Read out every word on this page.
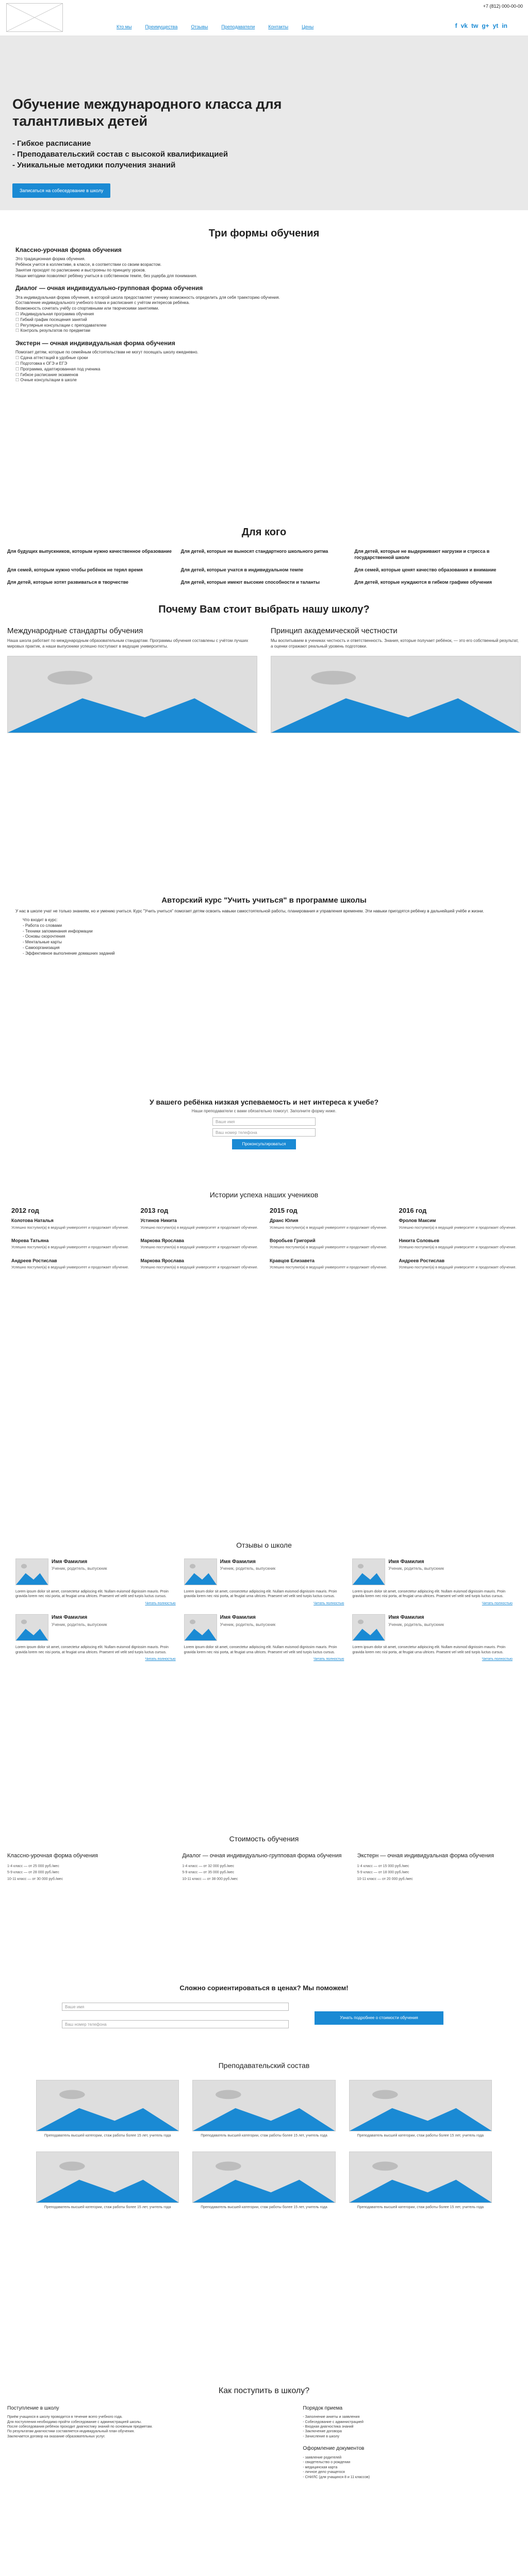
Кто мы	Преимущества	Отзывы	Преподаватели	Контакты	Цены
+7 (812) 000-00-00
f vk tw g+ yt in
Обучение международного класса для талантливых детей
- Гибкое расписание
- Преподавательский состав с высокой квалификацией
- Уникальные методики получения знаний
Записаться на собеседование в школу
Три формы обучения
Классно-урочная форма обучения

Это традиционная форма обучения.

Ребёнок учится в коллективе, в классе, в соответствии со своим возрастом.

Занятия проходят по расписанию и выстроены по принципу уроков.

Наши методики позволяют ребёнку учиться в собственном темпе, без ущерба для понимания.

Диалог — очная индивидуально-групповая форма обучения

Эта индивидуальная форма обучения, в которой школа предоставляет ученику возможность определить для себя траекторию обучения.

Составление индивидуального учебного плана и расписания с учётом интересов ребёнка.

Возможность сочетать учёбу со спортивными или творческими занятиями.

☐ Индивидуальная программа обучения
☐ Гибкий график посещения занятий
☐ Регулярные консультации с преподавателем
☐ Контроль результатов по предметам
Экстерн — очная индивидуальная форма обучения

Помогает детям, которые по семейным обстоятельствам не могут посещать школу ежедневно.

☐ Сдача аттестаций в удобные сроки
☐ Подготовка к ОГЭ и ЕГЭ
☐ Программа, адаптированная под ученика
☐ Гибкое расписание экзаменов
☐ Очные консультации в школе
Для кого
Для будущих выпускников, которым нужно качественное образование	Для детей, которые не выносят стандартного школьного ритма	Для детей, которые не выдерживают нагрузки и стресса в государственной школе
Для семей, которым нужно чтобы ребёнок не терял время	Для детей, которые учатся в индивидуальном темпе	Для семей, которые ценят качество образования и внимание
Для детей, которые хотят развиваться в творчестве	Для детей, которые имеют высокие способности и таланты	Для детей, которые нуждаются в гибком графике обучения
Почему Вам стоит выбрать нашу школу?
Международные стандарты обучения

Наша школа работает по международным образовательным стандартам. Программы обучения составлены с учётом лучших мировых практик, а наши выпускники успешно поступают в ведущие университеты.

Принцип академической честности

Мы воспитываем в учениках честность и ответственность. Знания, которые получает ребёнок, — это его собственный результат, а оценки отражают реальный уровень подготовки.

Авторский курс "Учить учиться" в программе школы

У нас в школе учат не только знаниям, но и умению учиться. Курс "Учить учиться" помогает детям освоить навыки самостоятельной работы, планирования и управления временем. Эти навыки пригодятся ребёнку в дальнейшей учёбе и жизни.

Что входит в курс:
- Работа со словами
- Техники запоминания информации
- Основы скорочтения
- Ментальные карты
- Самоорганизация
- Эффективное выполнение домашних заданий
У вашего ребёнка низкая успеваемость и нет интереса к учебе?
Наши преподаватели с вами обязательно помогут. Заполните форму ниже.
Ваше имя
Ваш номер телефона
Проконсультироваться
Истории успеха наших учеников
2012 год
Колотова Наталья

Успешно поступил(а) в ведущий университет и продолжает обучение.

Морева Татьяна

Успешно поступил(а) в ведущий университет и продолжает обучение.

Андреев Ростислав

Успешно поступил(а) в ведущий университет и продолжает обучение.

2013 год
Устинов Никита

Успешно поступил(а) в ведущий университет и продолжает обучение.

Маркова Ярослава

Успешно поступил(а) в ведущий университет и продолжает обучение.

Маркова Ярослава

Успешно поступил(а) в ведущий университет и продолжает обучение.

2015 год
Дранс Юлия

Успешно поступил(а) в ведущий университет и продолжает обучение.

Воробьев Григорий

Успешно поступил(а) в ведущий университет и продолжает обучение.

Кравцов Елизавета

Успешно поступил(а) в ведущий университет и продолжает обучение.

2016 год
Фролов Максим

Успешно поступил(а) в ведущий университет и продолжает обучение.

Никита Соловьев

Успешно поступил(а) в ведущий университет и продолжает обучение.

Андреев Ростислав

Успешно поступил(а) в ведущий университет и продолжает обучение.

Отзывы о школе
Имя Фамилия
Ученик, родитель, выпускник

Lorem ipsum dolor sit amet, consectetur adipiscing elit. Nullam euismod dignissim mauris. Proin gravida lorem nec nisi porta, at feugiat urna ultrices. Praesent vel velit sed turpis luctus cursus.

Читать полностью
Имя Фамилия
Ученик, родитель, выпускник

Lorem ipsum dolor sit amet, consectetur adipiscing elit. Nullam euismod dignissim mauris. Proin gravida lorem nec nisi porta, at feugiat urna ultrices. Praesent vel velit sed turpis luctus cursus.

Читать полностью
Имя Фамилия
Ученик, родитель, выпускник

Lorem ipsum dolor sit amet, consectetur adipiscing elit. Nullam euismod dignissim mauris. Proin gravida lorem nec nisi porta, at feugiat urna ultrices. Praesent vel velit sed turpis luctus cursus.

Читать полностью
Имя Фамилия
Ученик, родитель, выпускник

Lorem ipsum dolor sit amet, consectetur adipiscing elit. Nullam euismod dignissim mauris. Proin gravida lorem nec nisi porta, at feugiat urna ultrices. Praesent vel velit sed turpis luctus cursus.

Читать полностью
Имя Фамилия
Ученик, родитель, выпускник

Lorem ipsum dolor sit amet, consectetur adipiscing elit. Nullam euismod dignissim mauris. Proin gravida lorem nec nisi porta, at feugiat urna ultrices. Praesent vel velit sed turpis luctus cursus.

Читать полностью
Имя Фамилия
Ученик, родитель, выпускник

Lorem ipsum dolor sit amet, consectetur adipiscing elit. Nullam euismod dignissim mauris. Proin gravida lorem nec nisi porta, at feugiat urna ultrices. Praesent vel velit sed turpis luctus cursus.

Читать полностью
Стоимость обучения
Классно-урочная форма обучения

1-4 класс — от 25 000 руб./мес

5-9 класс — от 28 000 руб./мес

10-11 класс — от 30 000 руб./мес

Диалог — очная индивидуально-групповая форма обучения

1-4 класс — от 32 000 руб./мес

5-9 класс — от 35 000 руб./мес

10-11 класс — от 38 000 руб./мес

Экстерн — очная индивидуальная форма обучения

1-4 класс — от 15 000 руб./мес

5-9 класс — от 18 000 руб./мес

10-11 класс — от 20 000 руб./мес

Сложно сориентироваться в ценах? Мы поможем!
Ваше имя
Ваш номер телефона
Узнать подробнее о стоимости обучения
Преподавательский состав

Преподаватель высшей категории, стаж работы более 15 лет, учитель года	Преподаватель высшей категории, стаж работы более 15 лет, учитель года	Преподаватель высшей категории, стаж работы более 15 лет, учитель года

Преподаватель высшей категории, стаж работы более 15 лет, учитель года	Преподаватель высшей категории, стаж работы более 15 лет, учитель года	Преподаватель высшей категории, стаж работы более 15 лет, учитель года

Как поступить в школу?
Поступление в школу

Приём учащихся в школу проводится в течение всего учебного года.

Для поступления необходимо пройти собеседование с администрацией школы.

После собеседования ребёнок проходит диагностику знаний по основным предметам.

По результатам диагностики составляется индивидуальный план обучения.

Заключается договор на оказание образовательных услуг.

Порядок приема
- Заполнение анкеты и заявления
- Собеседование с администрацией
- Входная диагностика знаний
- Заключение договора
- Зачисление в школу
Оформление документов
- заявление родителей
- свидетельство о рождении
- медицинская карта
- личное дело учащегося
- СНИЛС (для учащихся 8 и 11 классов)
